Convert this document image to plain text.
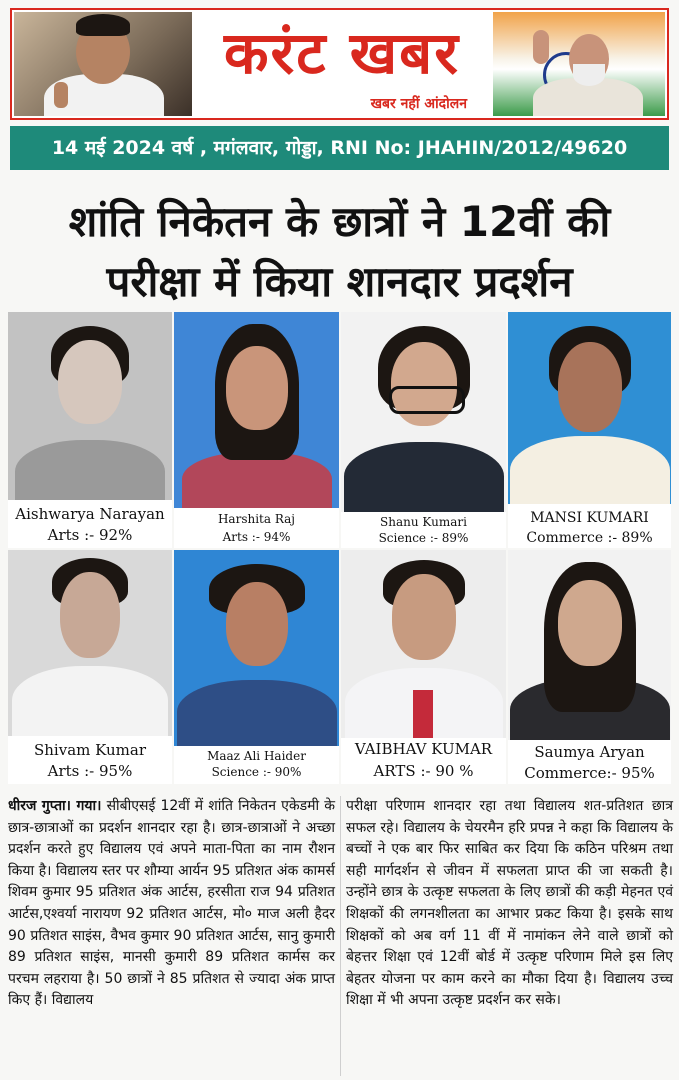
करंट खबर
खबर नहीं आंदोलन
14 मई 2024 वर्ष , मगंलवार, गोड्डा, RNI No: JHAHIN/2012/49620
शांति निकेतन के छात्रों ने 12वीं की
परीक्षा में किया शानदार प्रदर्शन
Aishwarya Narayan
Arts :- 92%
Harshita Raj
Arts :- 94%
Shanu Kumari
Science :- 89%
MANSI KUMARI
Commerce :- 89%
Shivam Kumar
Arts :- 95%
Maaz Ali Haider
Science :- 90%
VAIBHAV KUMAR
ARTS :- 90 %
Saumya Aryan
Commerce:- 95%
धीरज गुप्ता। गया। सीबीएसई 12वीं में शांति निकेतन एकेडमी के छात्र-छात्राओं का प्रदर्शन शानदार रहा है। छात्र-छात्राओं ने अच्छा प्रदर्शन करते हुए विद्यालय एवं अपने माता-पिता का नाम रौशन किया है। विद्यालय स्तर पर शौम्या आर्यन 95 प्रतिशत अंक कामर्स शिवम कुमार 95 प्रतिशत अंक आर्टस, हरसीता राज 94 प्रतिशत आर्टस,एश्वर्या नारायण 92 प्रतिशत आर्टस, मो० माज अली हैदर 90 प्रतिशत साइंस, वैभव कुमार 90 प्रतिशत आर्टस, सानु कुमारी 89 प्रतिशत साइंस, मानसी कुमारी 89 प्रतिशत कार्मस कर परचम लहराया है। 50 छात्रों ने 85 प्रतिशत से ज्यादा अंक प्राप्त किए हैं। विद्यालय
परीक्षा परिणाम शानदार रहा तथा विद्यालय शत-प्रतिशत छात्र सफल रहे। विद्यालय के चेयरमैन हरि प्रपन्न ने कहा कि विद्यालय के बच्चों ने एक बार फिर साबित कर दिया कि कठिन परिश्रम तथा सही मार्गदर्शन से जीवन में सफलता प्राप्त की जा सकती है। उन्होंने छात्र के उत्कृष्ट सफलता के लिए छात्रों की कड़ी मेहनत एवं शिक्षकों की लगनशीलता का आभार प्रकट किया है। इसके साथ शिक्षकों को अब वर्ग 11 वीं में नामांकन लेने वाले छात्रों को बेहत्तर शिक्षा एवं 12वीं बोर्ड में उत्कृष्ट परिणाम मिले इस लिए बेहतर योजना पर काम करने का मौका दिया है। विद्यालय उच्च शिक्षा में भी अपना उत्कृष्ट प्रदर्शन कर सके।
